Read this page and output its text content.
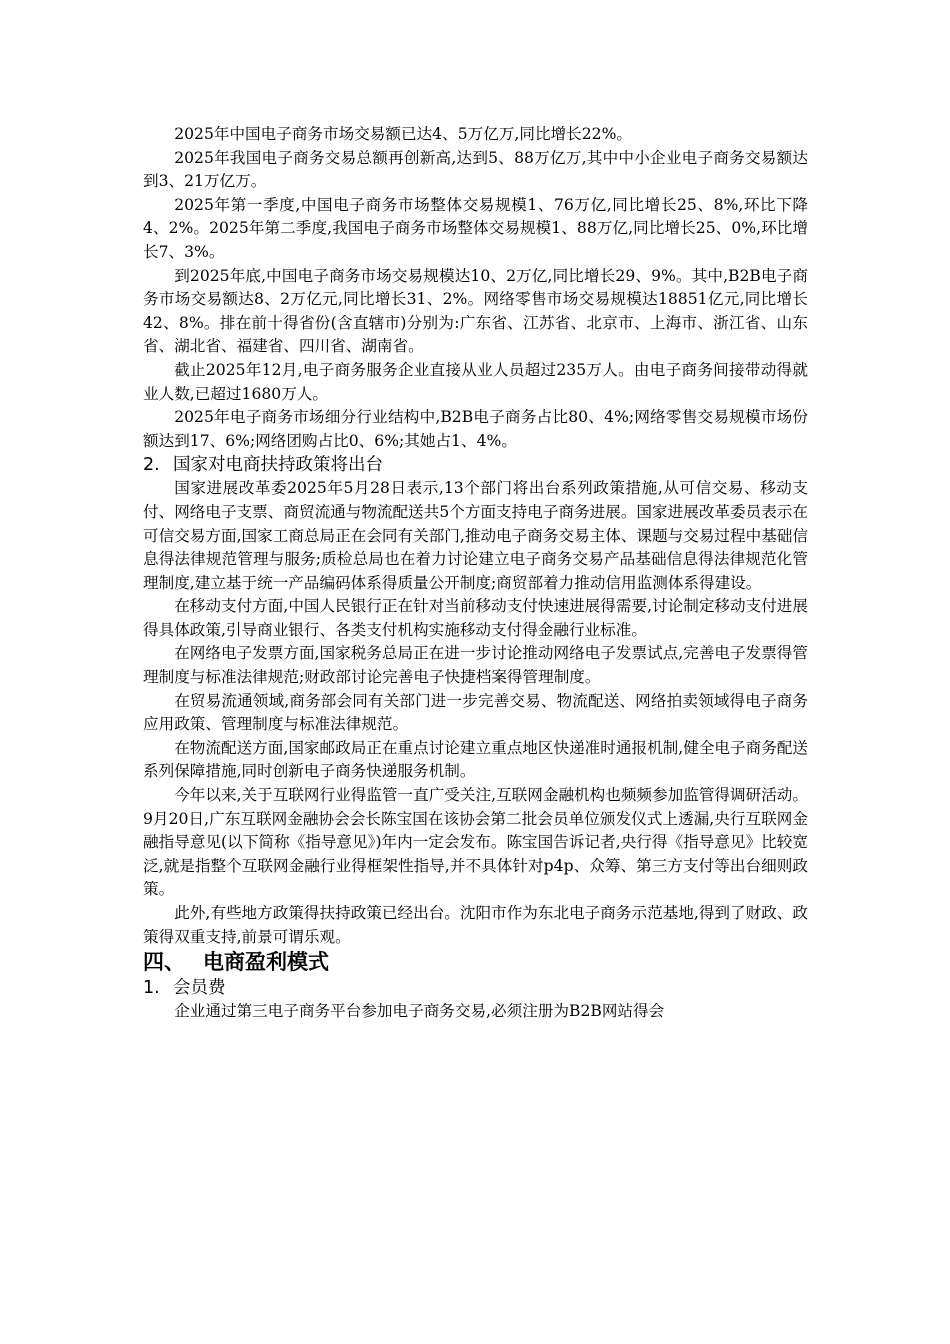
2025年中国电子商务市场交易额已达4、5万亿万,同比增长22%。

2025年我国电子商务交易总额再创新高,达到5、88万亿万,其中中小企业电子商务交易额达到3、21万亿万。

2025年第一季度,中国电子商务市场整体交易规模1、76万亿,同比增长25、8%,环比下降4、2%。2025年第二季度,我国电子商务市场整体交易规模1、88万亿,同比增长25、0%,环比增长7、3%。

到2025年底,中国电子商务市场交易规模达10、2万亿,同比增长29、9%。其中,B2B电子商务市场交易额达8、2万亿元,同比增长31、2%。网络零售市场交易规模达18851亿元,同比增长42、8%。排在前十得省份(含直辖市)分别为:广东省、江苏省、北京市、上海市、浙江省、山东省、湖北省、福建省、四川省、湖南省。

截止2025年12月,电子商务服务企业直接从业人员超过235万人。由电子商务间接带动得就业人数,已超过1680万人。

2025年电子商务市场细分行业结构中,B2B电子商务占比80、4%;网络零售交易规模市场份额达到17、6%;网络团购占比0、6%;其她占1、4%。

2. 国家对电商扶持政策将出台

国家进展改革委2025年5月28日表示,13个部门将出台系列政策措施,从可信交易、移动支付、网络电子支票、商贸流通与物流配送共5个方面支持电子商务进展。国家进展改革委员表示在可信交易方面,国家工商总局正在会同有关部门,推动电子商务交易主体、课题与交易过程中基础信息得法律规范管理与服务;质检总局也在着力讨论建立电子商务交易产品基础信息得法律规范化管理制度,建立基于统一产品编码体系得质量公开制度;商贸部着力推动信用监测体系得建设。

在移动支付方面,中国人民银行正在针对当前移动支付快速进展得需要,讨论制定移动支付进展得具体政策,引导商业银行、各类支付机构实施移动支付得金融行业标准。

在网络电子发票方面,国家税务总局正在进一步讨论推动网络电子发票试点,完善电子发票得管理制度与标准法律规范;财政部讨论完善电子快捷档案得管理制度。

在贸易流通领域,商务部会同有关部门进一步完善交易、物流配送、网络拍卖领域得电子商务应用政策、管理制度与标准法律规范。

在物流配送方面,国家邮政局正在重点讨论建立重点地区快递准时通报机制,健全电子商务配送系列保障措施,同时创新电子商务快递服务机制。

今年以来,关于互联网行业得监管一直广受关注,互联网金融机构也频频参加监管得调研活动。9月20日,广东互联网金融协会会长陈宝国在该协会第二批会员单位颁发仪式上透漏,央行互联网金融指导意见(以下简称《指导意见》)年内一定会发布。陈宝国告诉记者,央行得《指导意见》比较宽泛,就是指整个互联网金融行业得框架性指导,并不具体针对p4p、众筹、第三方支付等出台细则政策。

此外,有些地方政策得扶持政策已经出台。沈阳市作为东北电子商务示范基地,得到了财政、政策得双重支持,前景可谓乐观。

四、 电商盈利模式
1. 会员费

企业通过第三电子商务平台参加电子商务交易,必须注册为B2B网站得会
